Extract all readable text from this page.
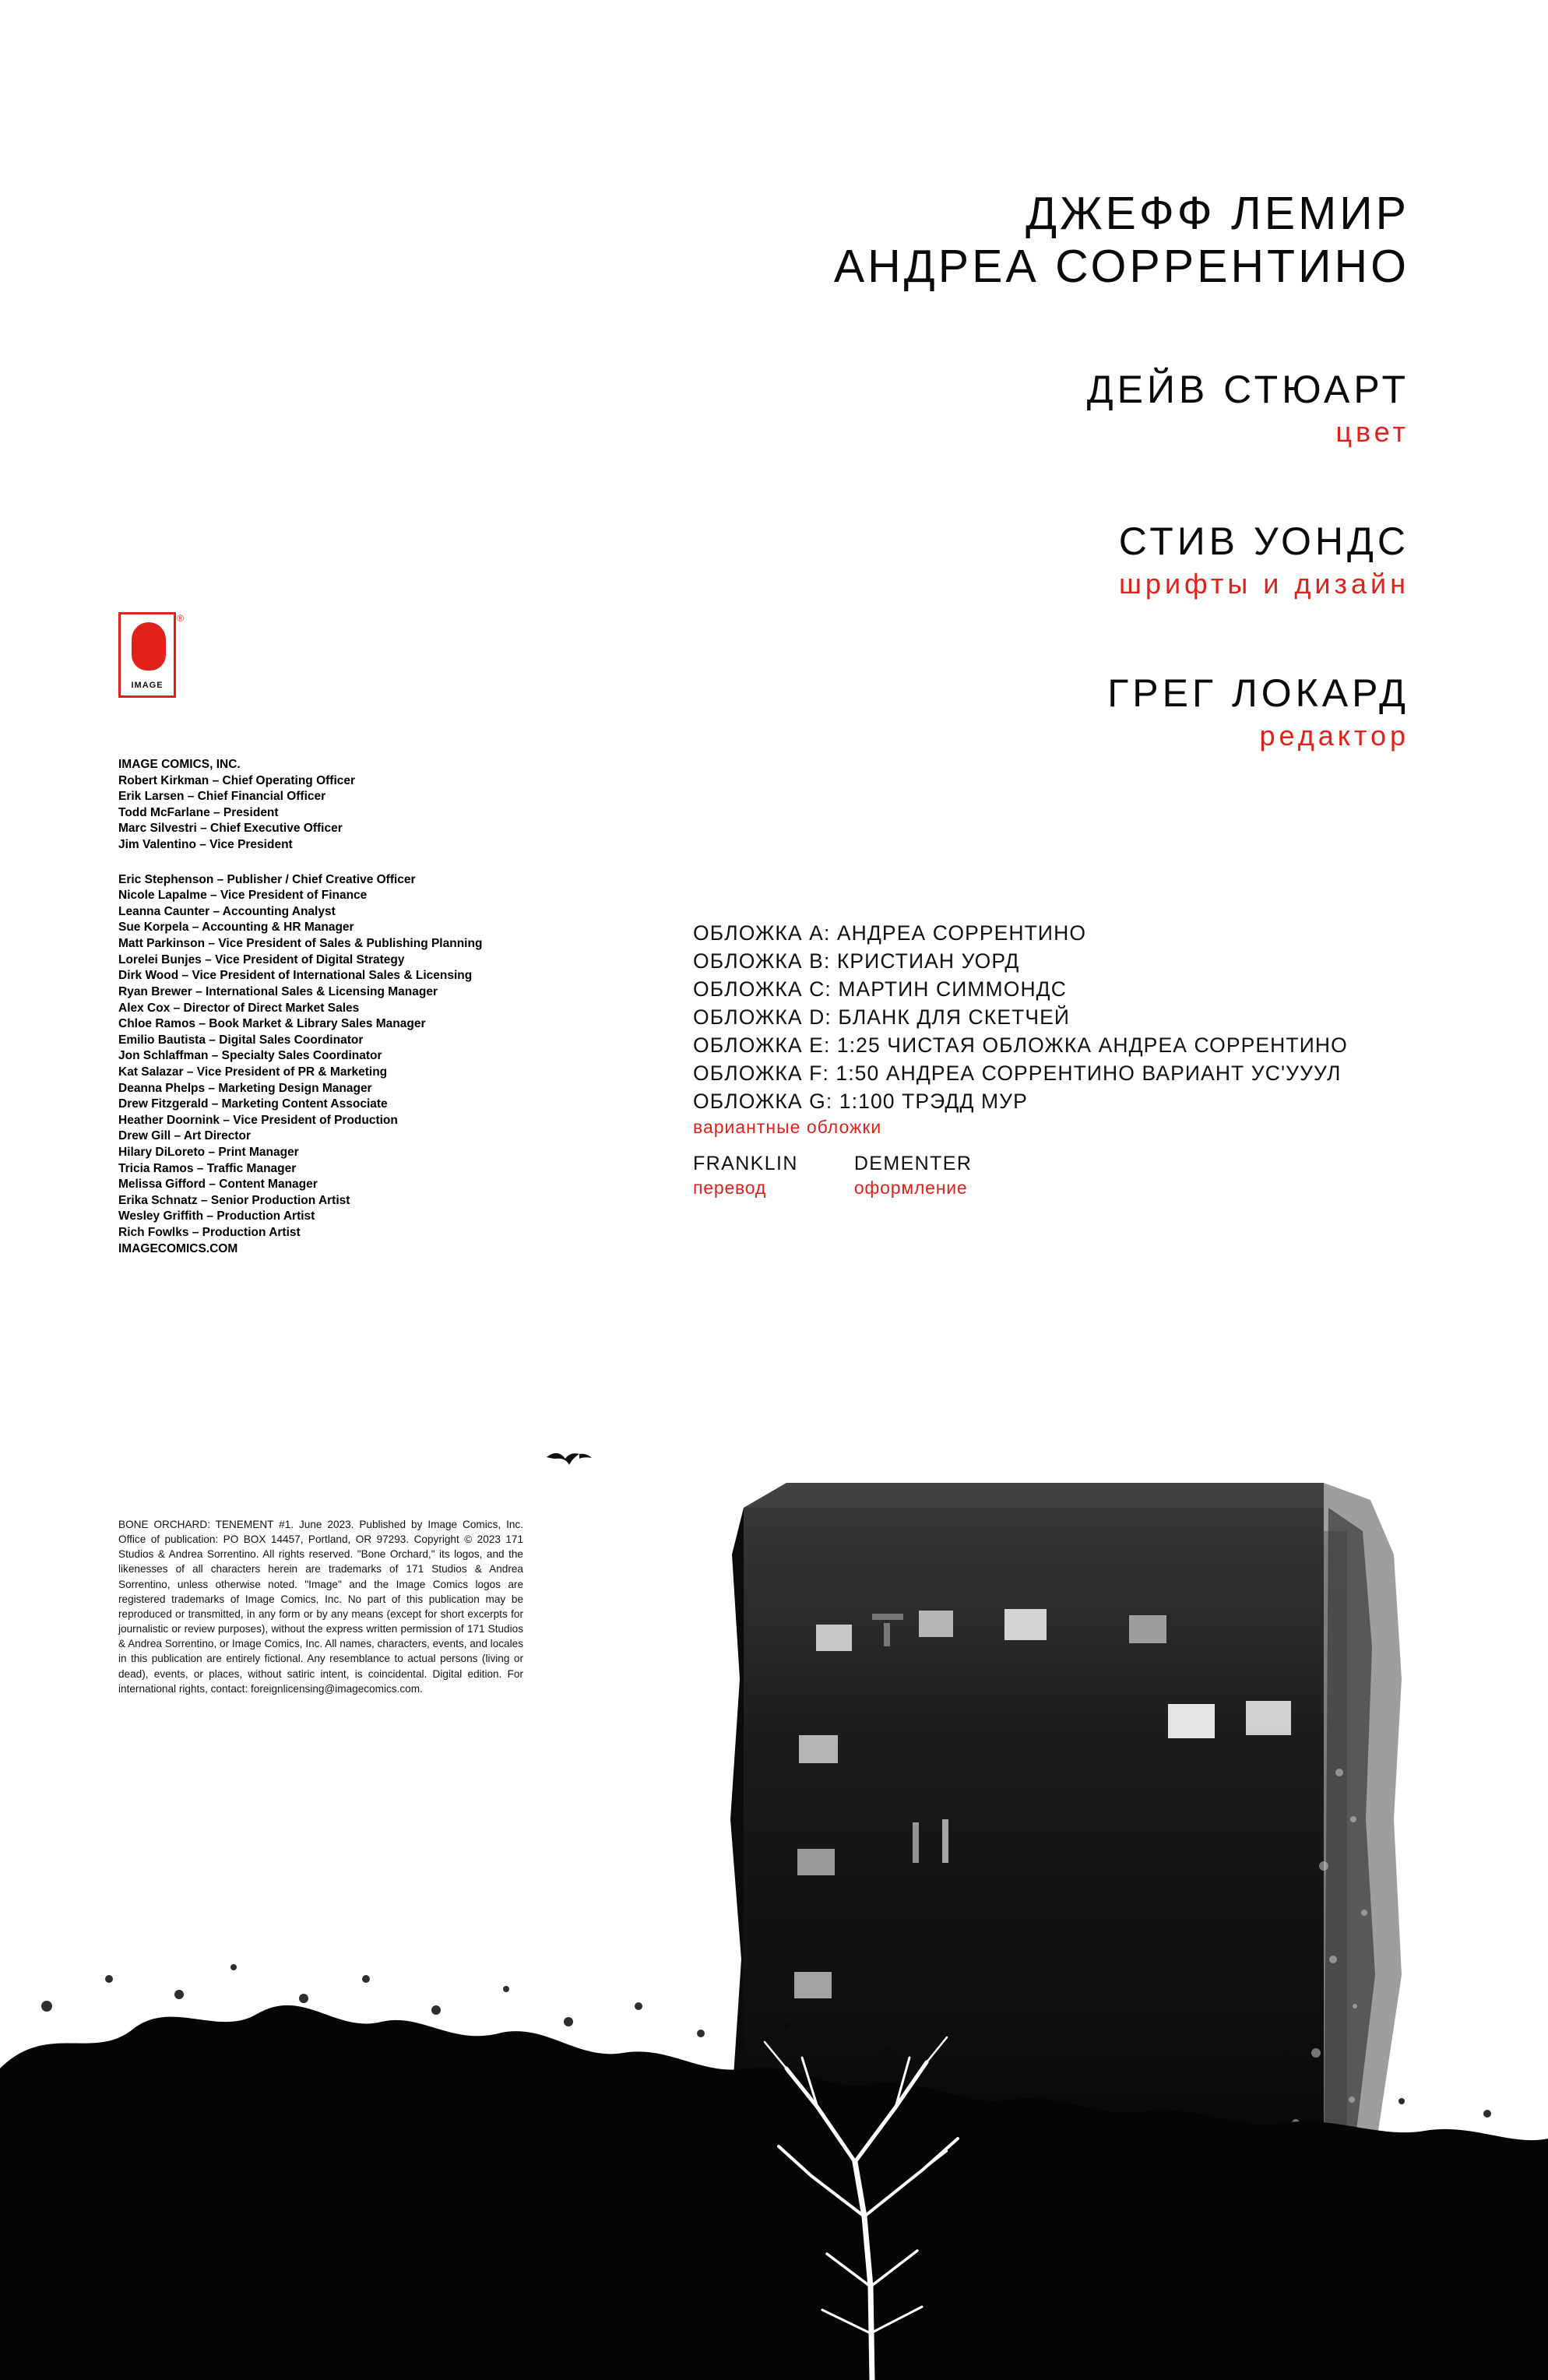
ДЖЕФФ ЛЕМИР
АНДРЕА СОРРЕНТИНО
ДЕЙВ СТЮАРТ
цвет
СТИВ УОНДС
шрифты и дизайн
ГРЕГ ЛОКАРД
редактор
ОБЛОЖКА A: АНДРЕА СОРРЕНТИНО
ОБЛОЖКА B: КРИСТИАН УОРД
ОБЛОЖКА C: МАРТИН СИММОНДС
ОБЛОЖКА D: БЛАНК ДЛЯ СКЕТЧЕЙ
ОБЛОЖКА E: 1:25 ЧИСТАЯ ОБЛОЖКА АНДРЕА СОРРЕНТИНО
ОБЛОЖКА F: 1:50 АНДРЕА СОРРЕНТИНО ВАРИАНТ УС'УУУЛ
ОБЛОЖКА G: 1:100 ТРЭДД МУР
вариантные обложки
FRANKLIN
перевод
DEMENTER
оформление
IMAGE
®
IMAGE COMICS, INC.
Robert Kirkman – Chief Operating Officer
Erik Larsen – Chief Financial Officer
Todd McFarlane – President
Marc Silvestri – Chief Executive Officer
Jim Valentino – Vice President
Eric Stephenson – Publisher / Chief Creative Officer
Nicole Lapalme – Vice President of Finance
Leanna Caunter – Accounting Analyst
Sue Korpela – Accounting & HR Manager
Matt Parkinson – Vice President of Sales & Publishing Planning
Lorelei Bunjes – Vice President of Digital Strategy
Dirk Wood – Vice President of International Sales & Licensing
Ryan Brewer – International Sales & Licensing Manager
Alex Cox – Director of Direct Market Sales
Chloe Ramos – Book Market & Library Sales Manager
Emilio Bautista – Digital Sales Coordinator
Jon Schlaffman – Specialty Sales Coordinator
Kat Salazar – Vice President of PR & Marketing
Deanna Phelps – Marketing Design Manager
Drew Fitzgerald – Marketing Content Associate
Heather Doornink – Vice President of Production
Drew Gill – Art Director
Hilary DiLoreto – Print Manager
Tricia Ramos – Traffic Manager
Melissa Gifford – Content Manager
Erika Schnatz – Senior Production Artist
Wesley Griffith – Production Artist
Rich Fowlks – Production Artist
IMAGECOMICS.COM
BONE ORCHARD: TENEMENT #1. June 2023. Published by Image Comics, Inc. Office of publication: PO BOX 14457, Portland, OR 97293. Copyright © 2023 171 Studios & Andrea Sorrentino. All rights reserved. "Bone Orchard," its logos, and the likenesses of all characters herein are trademarks of 171 Studios & Andrea Sorrentino, unless otherwise noted. "Image" and the Image Comics logos are registered trademarks of Image Comics, Inc. No part of this publication may be reproduced or transmitted, in any form or by any means (except for short excerpts for journalistic or review purposes), without the express written permission of 171 Studios & Andrea Sorrentino, or Image Comics, Inc. All names, characters, events, and locales in this publication are entirely fictional. Any resemblance to actual persons (living or dead), events, or places, without satiric intent, is coincidental. Digital edition. For international rights, contact: foreignlicensing@imagecomics.com.
